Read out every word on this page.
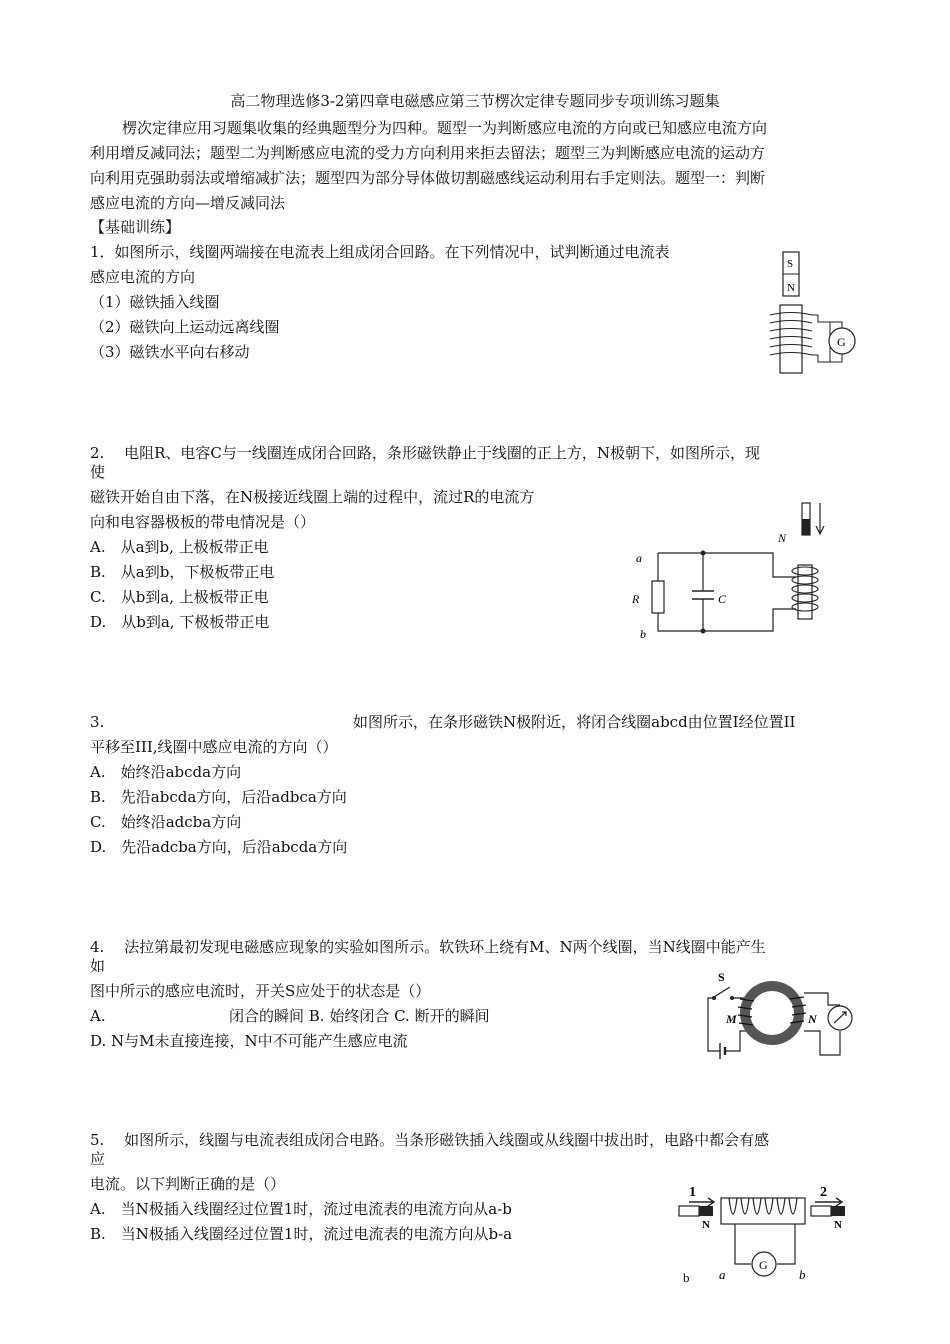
高二物理选修3-2第四章电磁感应第三节楞次定律专题同步专项训练习题集
楞次定律应用习题集收集的经典题型分为四种。题型一为判断感应电流的方向或已知感应电流方向
利用增反减同法；题型二为判断感应电流的受力方向利用来拒去留法；题型三为判断感应电流的运动方
向利用克强助弱法或增缩减扩法；题型四为部分导体做切割磁感线运动利用右手定则法。题型一：判断
感应电流的方向—增反减同法
【基础训练】
1．如图所示，线圈两端接在电流表上组成闭合回路。在下列情况中，试判断通过电流表
感应电流的方向
（1）磁铁插入线圈
（2）磁铁向上运动远离线圈
（3）磁铁水平向右移动
S
N
G
2.　 电阻R、电容C与一线圈连成闭合回路，条形磁铁静止于线圈的正上方，N极朝下，如图所示，现
使
磁铁开始自由下落，在N极接近线圈上端的过程中，流过R的电流方
向和电容器极板的带电情况是（）
A.　从a到b, 上极板带正电
B.　从a到b，下极板带正电
C.　从b到a, 上极板带正电
D.　从b到a, 下极板带正电
N
a
R	C
b
3.	如图所示，在条形磁铁N极附近，将闭合线圈abcd由位置Ⅰ经位置II
平移至III,线圈中感应电流的方向（）
A.　始终沿abcda方向
B.　先沿abcda方向，后沿adbca方向
C.　始终沿adcba方向
D.　先沿adcba方向，后沿abcda方向
4.　 法拉第最初发现电磁感应现象的实验如图所示。软铁环上绕有M、N两个线圈，当N线圈中能产生
如
图中所示的感应电流时，开关S应处于的状态是（）
A.	闭合的瞬间 B. 始终闭合 C. 断开的瞬间
D. N与M未直接连接，N中不可能产生感应电流
S
M	N
5.　 如图所示，线圈与电流表组成闭合电路。当条形磁铁插入线圈或从线圈中拔出时，电路中都会有感
应
电流。以下判断正确的是（）
A.　当N极插入线圈经过位置1时，流过电流表的电流方向从a-b
B.　当N极插入线圈经过位置1时，流过电流表的电流方向从b-a
1	2
N	N
G
a	b
b
